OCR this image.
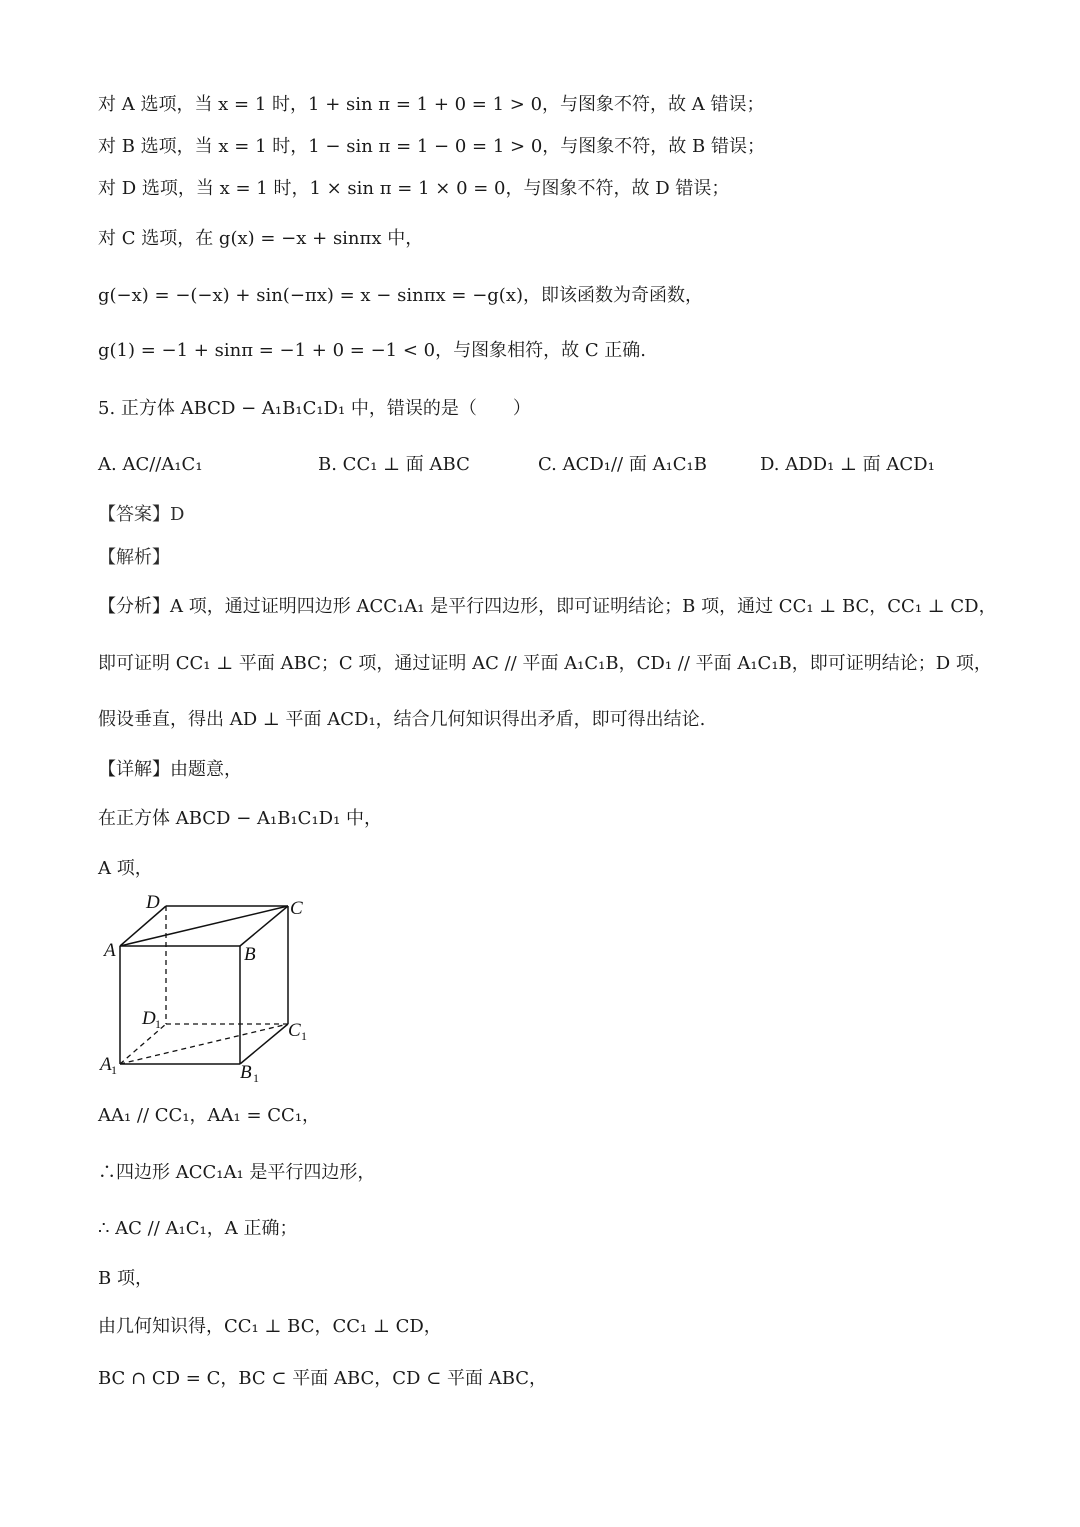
对 A 选项，当 x = 1 时，1 + sin π = 1 + 0 = 1 > 0，与图象不符，故 A 错误；
对 B 选项，当 x = 1 时，1 − sin π = 1 − 0 = 1 > 0，与图象不符，故 B 错误；
对 D 选项，当 x = 1 时，1 × sin π = 1 × 0 = 0，与图象不符，故 D 错误；
对 C 选项，在 g(x) = −x + sinπx 中，
g(−x) = −(−x) + sin(−πx) = x − sinπx = −g(x)，即该函数为奇函数，
g(1) = −1 + sinπ = −1 + 0 = −1 < 0，与图象相符，故 C 正确.
5. 正方体 ABCD − A₁B₁C₁D₁ 中，错误的是（　　）
A. AC//A₁C₁	B. CC₁ ⊥ 面 ABC	C. ACD₁// 面 A₁C₁B	D. ADD₁ ⊥ 面 ACD₁
【答案】D
【解析】
【分析】A 项，通过证明四边形 ACC₁A₁ 是平行四边形，即可证明结论；B 项，通过 CC₁ ⊥ BC，CC₁ ⊥ CD，
即可证明 CC₁ ⊥ 平面 ABC；C 项，通过证明 AC // 平面 A₁C₁B，CD₁ // 平面 A₁C₁B，即可证明结论；D 项，
假设垂直，得出 AD ⊥ 平面 ACD₁，结合几何知识得出矛盾，即可得出结论.
【详解】由题意，
在正方体 ABCD − A₁B₁C₁D₁ 中，
A 项，
A	B
C
D
A 1	B 1
C 1
D 1
AA₁ // CC₁，AA₁ = CC₁，
∴四边形 ACC₁A₁ 是平行四边形，
∴ AC // A₁C₁，A 正确；
B 项，
由几何知识得，CC₁ ⊥ BC，CC₁ ⊥ CD，
BC ∩ CD = C，BC ⊂ 平面 ABC，CD ⊂ 平面 ABC，
